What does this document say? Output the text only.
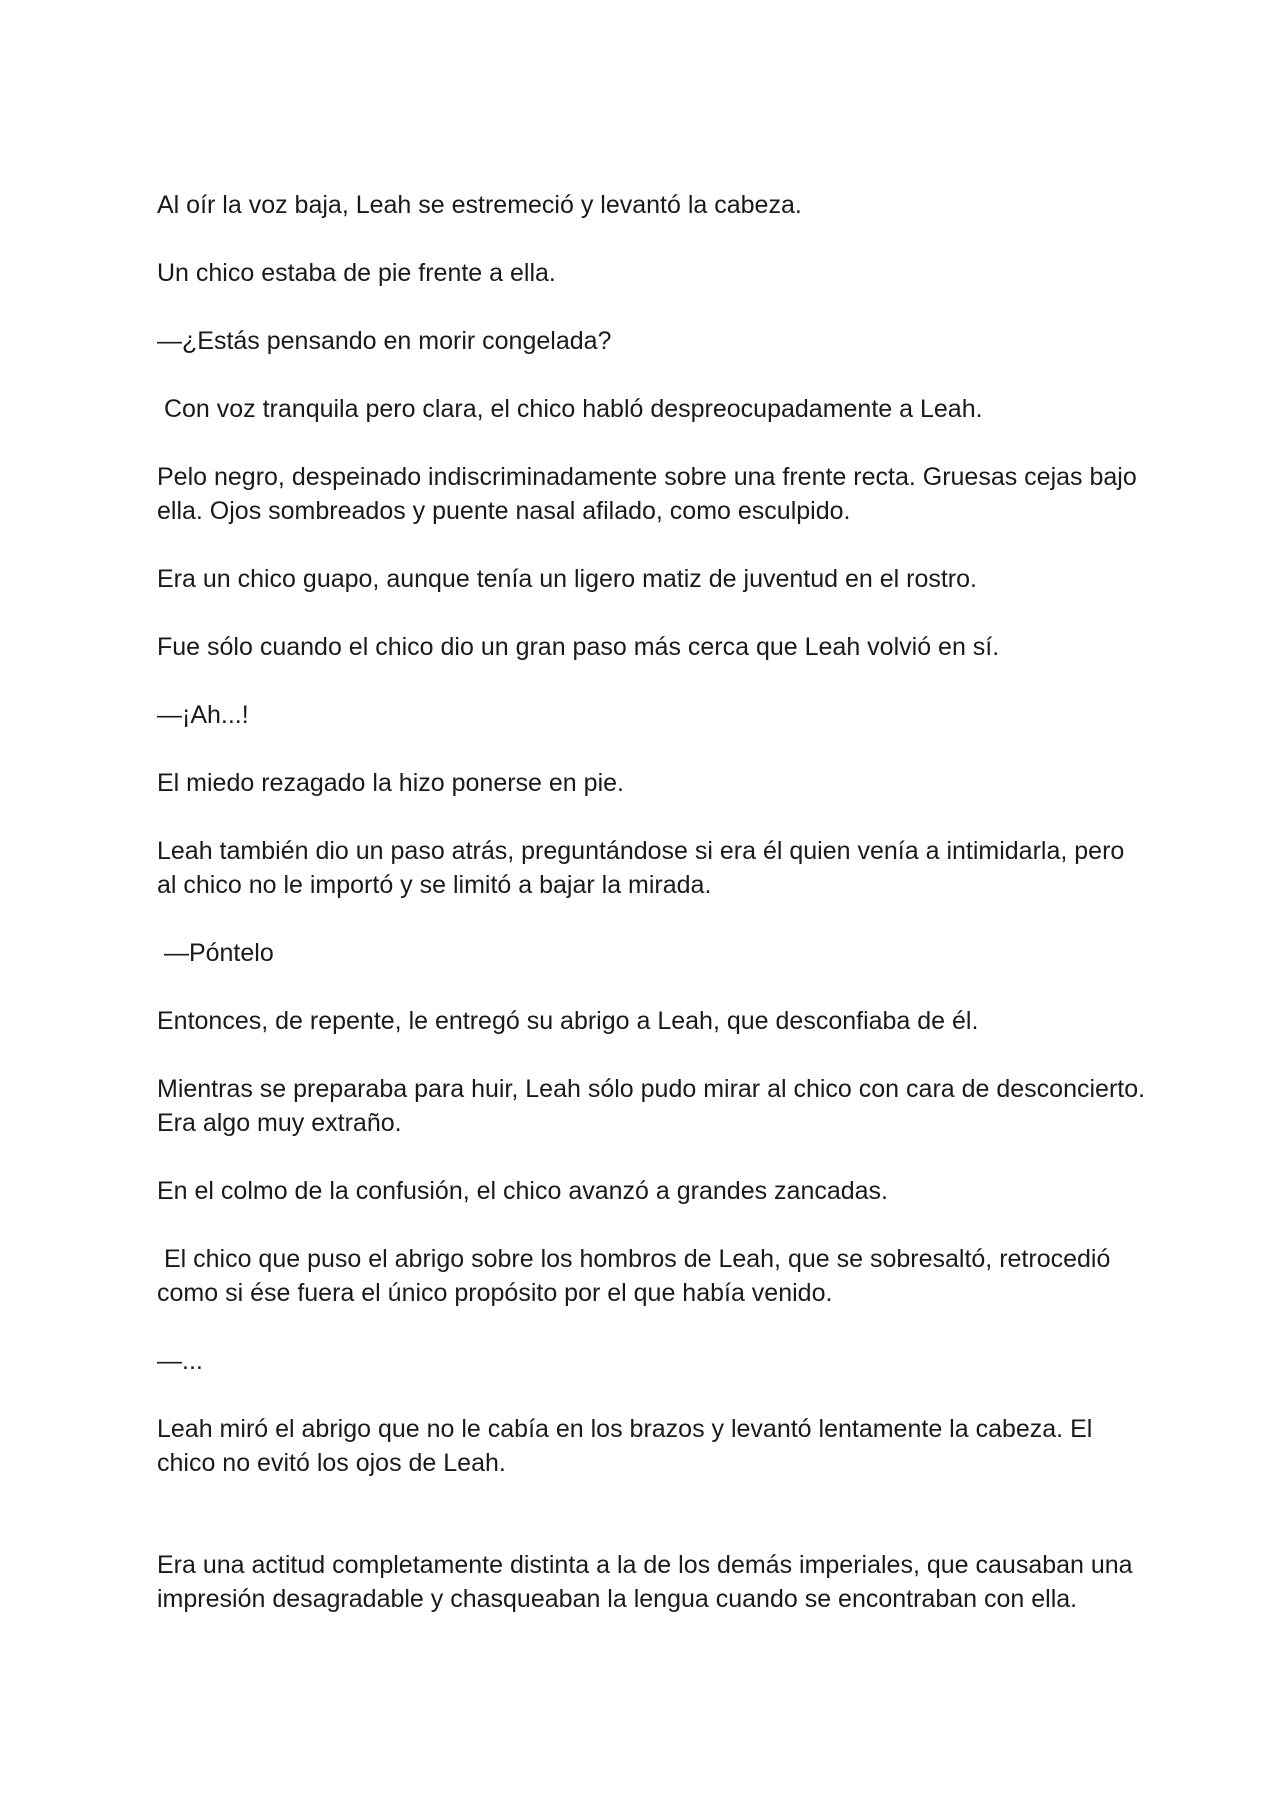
Al oír la voz baja, Leah se estremeció y levantó la cabeza.

Un chico estaba de pie frente a ella.

—¿Estás pensando en morir congelada?

Con voz tranquila pero clara, el chico habló despreocupadamente a Leah.

Pelo negro, despeinado indiscriminadamente sobre una frente recta. Gruesas cejas bajo ella. Ojos sombreados y puente nasal afilado, como esculpido.

Era un chico guapo, aunque tenía un ligero matiz de juventud en el rostro.

Fue sólo cuando el chico dio un gran paso más cerca que Leah volvió en sí.

—¡Ah...!

El miedo rezagado la hizo ponerse en pie.

Leah también dio un paso atrás, preguntándose si era él quien venía a intimidarla, pero al chico no le importó y se limitó a bajar la mirada.

—Póntelo

Entonces, de repente, le entregó su abrigo a Leah, que desconfiaba de él.

Mientras se preparaba para huir, Leah sólo pudo mirar al chico con cara de desconcierto. Era algo muy extraño.

En el colmo de la confusión, el chico avanzó a grandes zancadas.

El chico que puso el abrigo sobre los hombros de Leah, que se sobresaltó, retrocedió como si ése fuera el único propósito por el que había venido.

—...

Leah miró el abrigo que no le cabía en los brazos y levantó lentamente la cabeza. El chico no evitó los ojos de Leah.

Era una actitud completamente distinta a la de los demás imperiales, que causaban una impresión desagradable y chasqueaban la lengua cuando se encontraban con ella.
